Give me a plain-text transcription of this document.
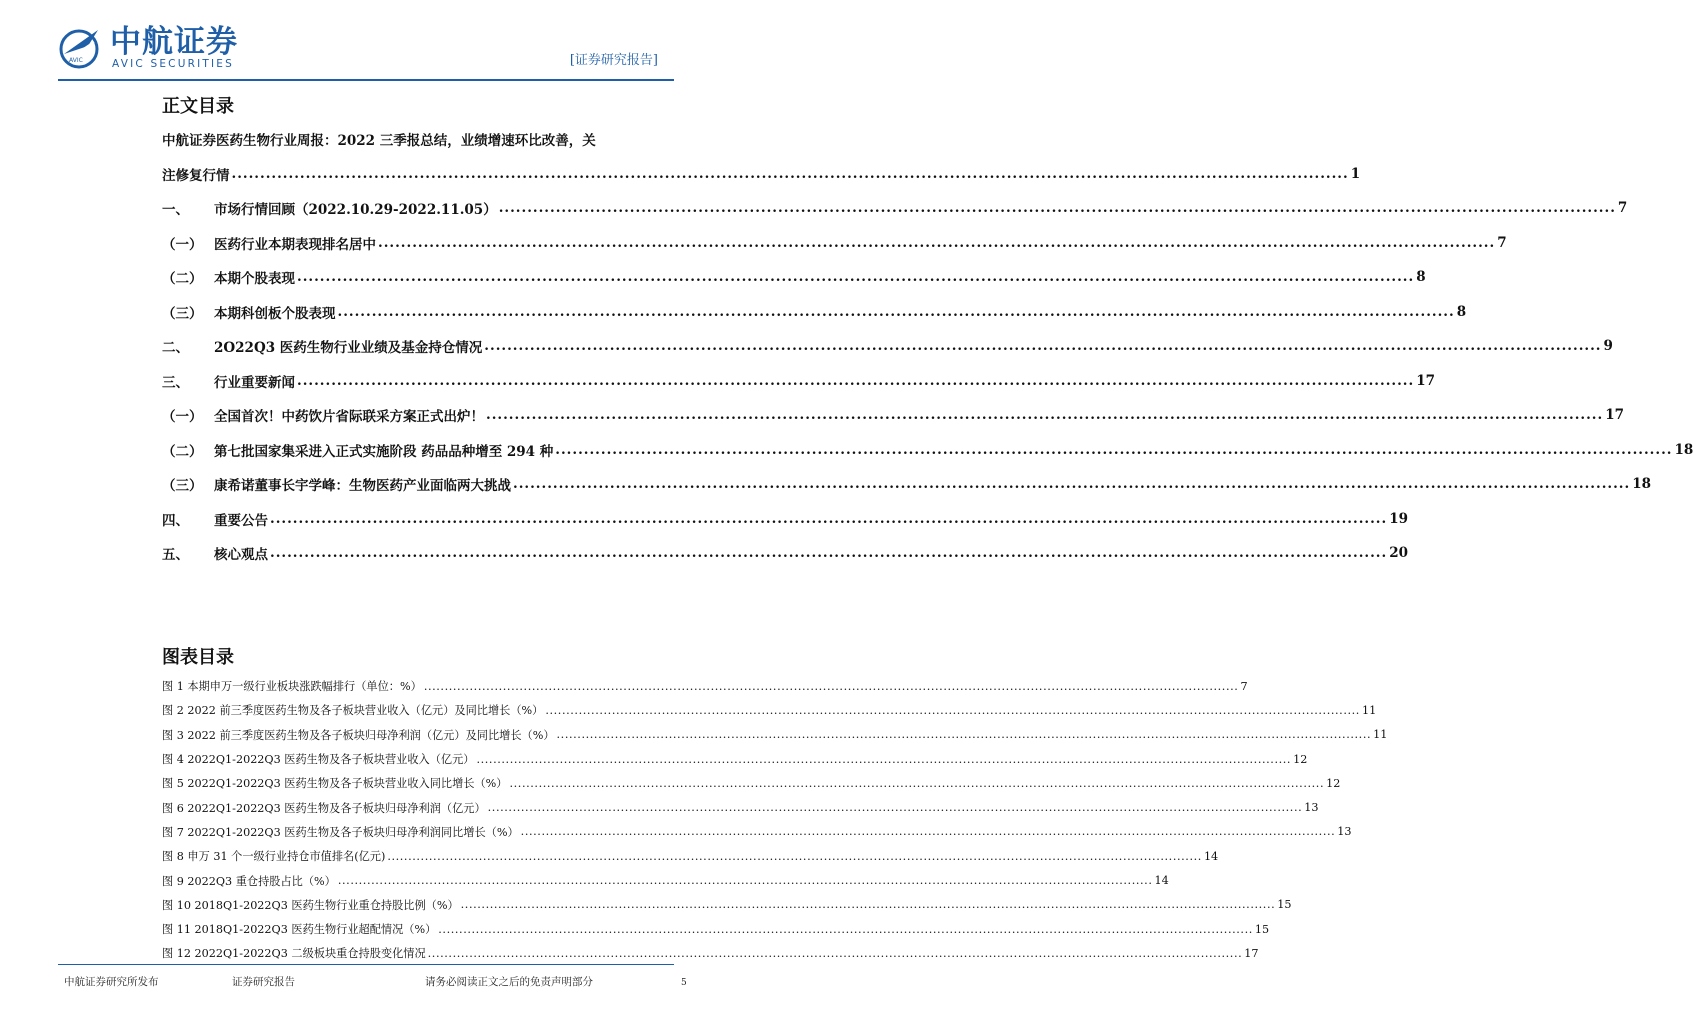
AVIC
中航证券
AVIC SECURITIES	[证券研究报告]
正文目录
中航证券医药生物行业周报：2022 三季报总结，业绩增速环比改善，关
注修复行情 .....	1
一、	市场行情回顾（2022.10.29-2022.11.05） .....	7
（一） 医药行业本期表现排名居中 .....	7
（二） 本期个股表现 .....	8
（三） 本期科创板个股表现 .....	8
二、	2O22Q3 医药生物行业业绩及基金持仓情况 .....	9
三、	行业重要新闻 .....	17
（一） 全国首次！中药饮片省际联采方案正式出炉！ .....	17
（二） 第七批国家集采进入正式实施阶段 药品品种增至 294 种 .....	18
（三） 康希诺董事长宇学峰：生物医药产业面临两大挑战 .....	18
四、	重要公告 .....	19
五、	核心观点 .....	20
图表目录
图 1 本期申万一级行业板块涨跌幅排行（单位：%） .....	7
图 2 2022 前三季度医药生物及各子板块营业收入（亿元）及同比增长（%） .....	11
图 3 2022 前三季度医药生物及各子板块归母净利润（亿元）及同比增长（%） .....	11
图 4 2022Q1-2022Q3 医药生物及各子板块营业收入（亿元） .....	12
图 5 2022Q1-2022Q3 医药生物及各子板块营业收入同比增长（%） .....	12
图 6 2022Q1-2022Q3 医药生物及各子板块归母净利润（亿元） .....	13
图 7 2022Q1-2022Q3 医药生物及各子板块归母净利润同比增长（%） .....	13
图 8 申万 31 个一级行业持仓市值排名(亿元) .....	14
图 9 2022Q3 重仓持股占比（%） .....	14
图 10 2018Q1-2022Q3 医药生物行业重仓持股比例（%） .....	15
图 11 2018Q1-2022Q3 医药生物行业超配情况（%） .....	15
图 12 2022Q1-2022Q3 二级板块重仓持股变化情况 .....	17
中航证券研究所发布	证券研究报告	请务必阅读正文之后的免责声明部分	5
